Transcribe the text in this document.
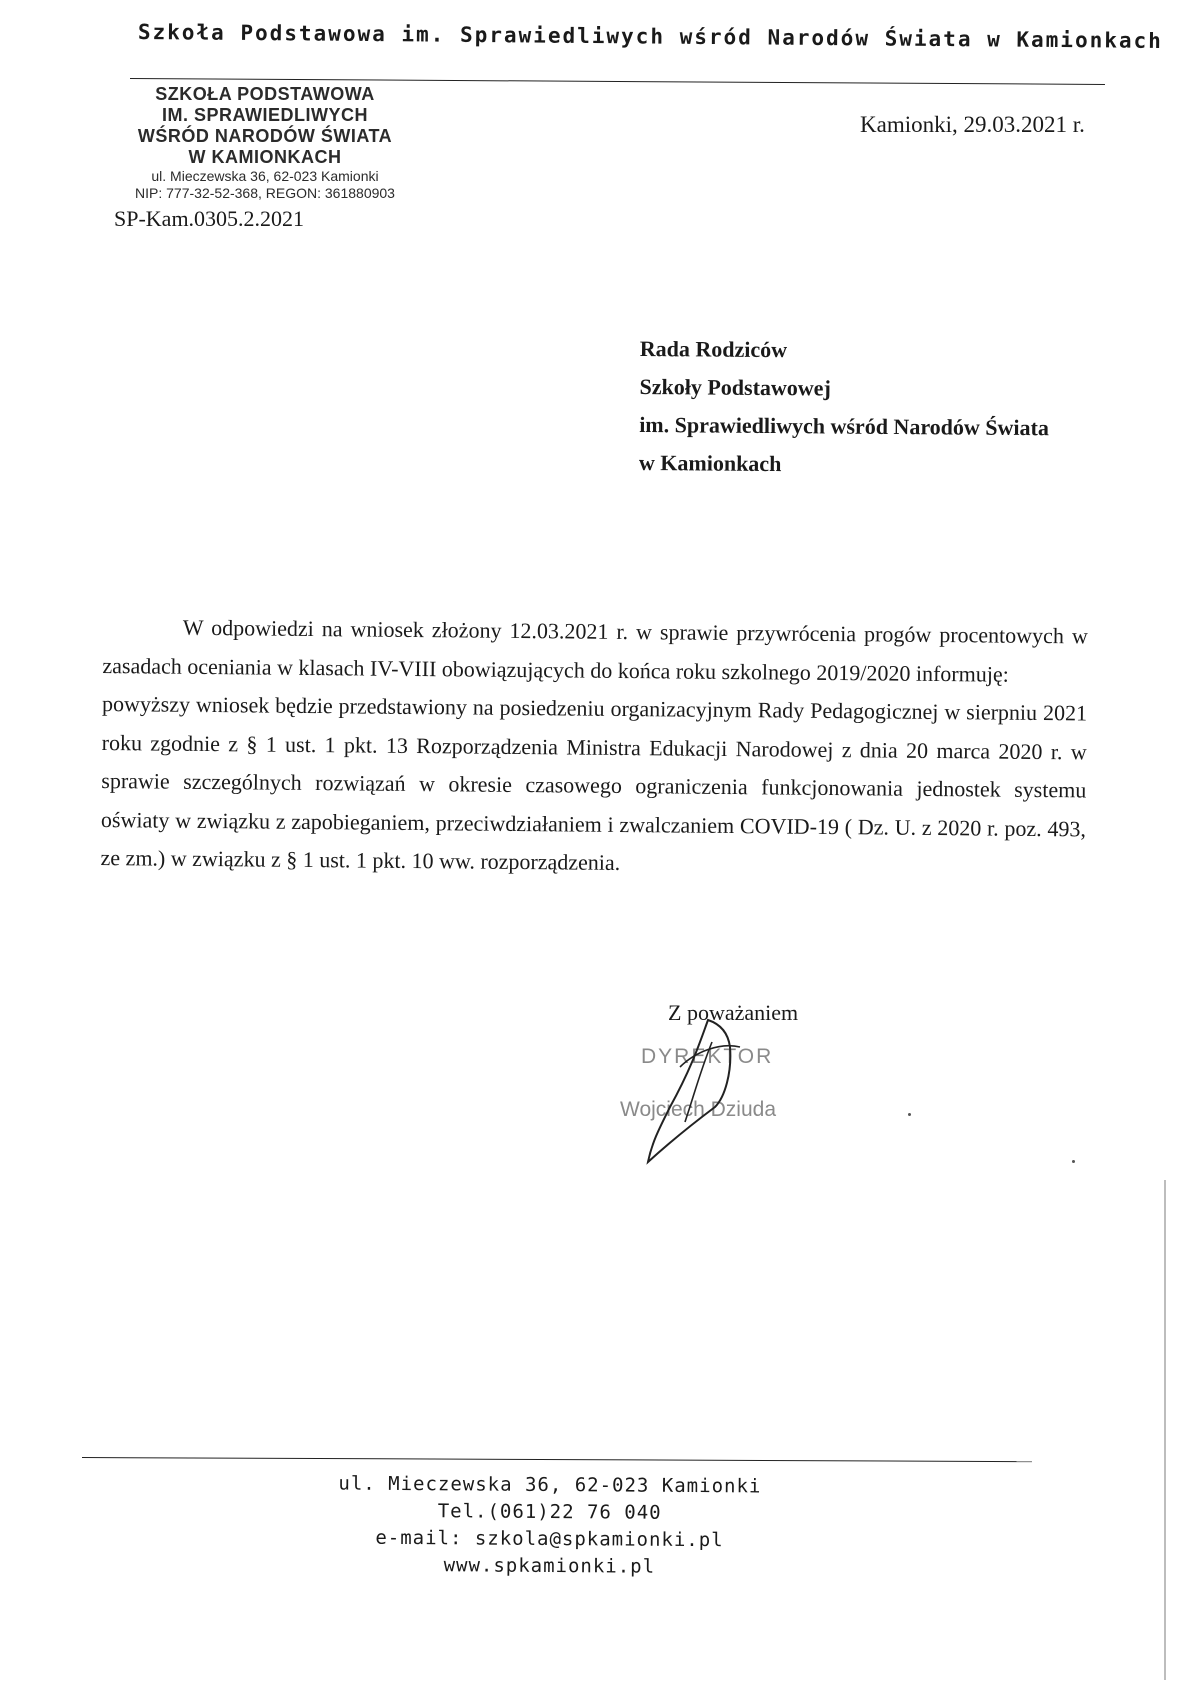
Szkoła Podstawowa im. Sprawiedliwych wśród Narodów Świata w Kamionkach
SZKOŁA PODSTAWOWA
IM. SPRAWIEDLIWYCH
WŚRÓD NARODÓW ŚWIATA
W KAMIONKACH
ul. Mieczewska 36, 62-023 Kamionki
NIP: 777-32-52-368, REGON: 361880903
SP-Kam.0305.2.2021
Kamionki, 29.03.2021 r.
Rada Rodziców
Szkoły Podstawowej
im. Sprawiedliwych wśród Narodów Świata
w Kamionkach

W odpowiedzi na wniosek złożony 12.03.2021 r. w sprawie przywrócenia progów procentowych w zasadach oceniania w klasach IV-VIII obowiązujących do końca roku szkolnego 2019/2020 informuję:

powyższy wniosek będzie przedstawiony na posiedzeniu organizacyjnym Rady Pedagogicznej w sierpniu 2021 roku zgodnie z § 1 ust. 1 pkt. 13 Rozporządzenia Ministra Edukacji Narodowej z dnia 20 marca 2020 r. w sprawie szczególnych rozwiązań w okresie czasowego ograniczenia funkcjonowania jednostek systemu oświaty w związku z zapobieganiem, przeciwdziałaniem i zwalczaniem COVID-19 ( Dz. U. z 2020 r. poz. 493, ze zm.) w związku z § 1 ust. 1 pkt. 10 ww. rozporządzenia.

Z poważaniem
DYREKTOR
Wojciech Dziuda
ul. Mieczewska 36, 62-023 Kamionki
Tel.(061)22 76 040
e-mail: szkola@spkamionki.pl
www.spkamionki.pl
